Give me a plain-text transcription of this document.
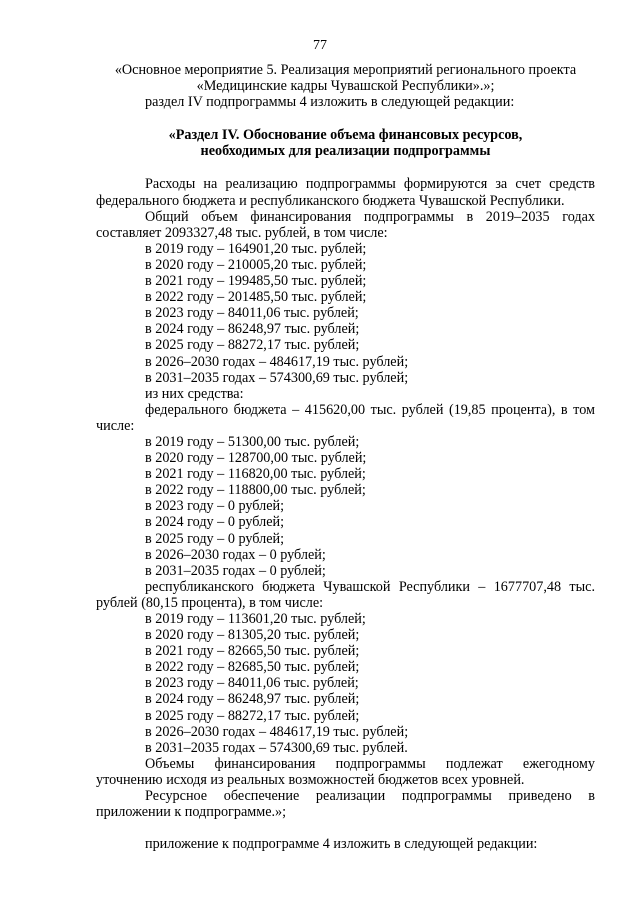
77

«Основное мероприятие 5. Реализация мероприятий регионального проекта

«Медицинские кадры Чувашской Республики».»;

раздел IV подпрограммы 4 изложить в следующей редакции:

«Раздел IV. Обоснование объема финансовых ресурсов,
необходимых для реализации подпрограммы

Расходы на реализацию подпрограммы формируются за счет средств федерального бюджета и республиканского бюджета Чувашской Республики.

Общий объем финансирования подпрограммы в 2019–2035 годах составляет 2093327,48 тыс. рублей, в том числе:

в 2019 году – 164901,20 тыс. рублей;

в 2020 году – 210005,20 тыс. рублей;

в 2021 году – 199485,50 тыс. рублей;

в 2022 году – 201485,50 тыс. рублей;

в 2023 году – 84011,06 тыс. рублей;

в 2024 году – 86248,97 тыс. рублей;

в 2025 году – 88272,17 тыс. рублей;

в 2026–2030 годах – 484617,19 тыс. рублей;

в 2031–2035 годах – 574300,69 тыс. рублей;

из них средства:

федерального бюджета – 415620,00 тыс. рублей (19,85 процента), в том числе:

в 2019 году – 51300,00 тыс. рублей;

в 2020 году – 128700,00 тыс. рублей;

в 2021 году – 116820,00 тыс. рублей;

в 2022 году – 118800,00 тыс. рублей;

в 2023 году – 0 рублей;

в 2024 году – 0 рублей;

в 2025 году – 0 рублей;

в 2026–2030 годах – 0 рублей;

в 2031–2035 годах – 0 рублей;

республиканского бюджета Чувашской Республики – 1677707,48 тыс. рублей (80,15 процента), в том числе:

в 2019 году – 113601,20 тыс. рублей;

в 2020 году – 81305,20 тыс. рублей;

в 2021 году – 82665,50 тыс. рублей;

в 2022 году – 82685,50 тыс. рублей;

в 2023 году – 84011,06 тыс. рублей;

в 2024 году – 86248,97 тыс. рублей;

в 2025 году – 88272,17 тыс. рублей;

в 2026–2030 годах – 484617,19 тыс. рублей;

в 2031–2035 годах – 574300,69 тыс. рублей.

Объемы финансирования подпрограммы подлежат ежегодному уточнению исходя из реальных возможностей бюджетов всех уровней.

Ресурсное обеспечение реализации подпрограммы приведено в приложении к подпрограмме.»;

приложение к подпрограмме 4 изложить в следующей редакции:
